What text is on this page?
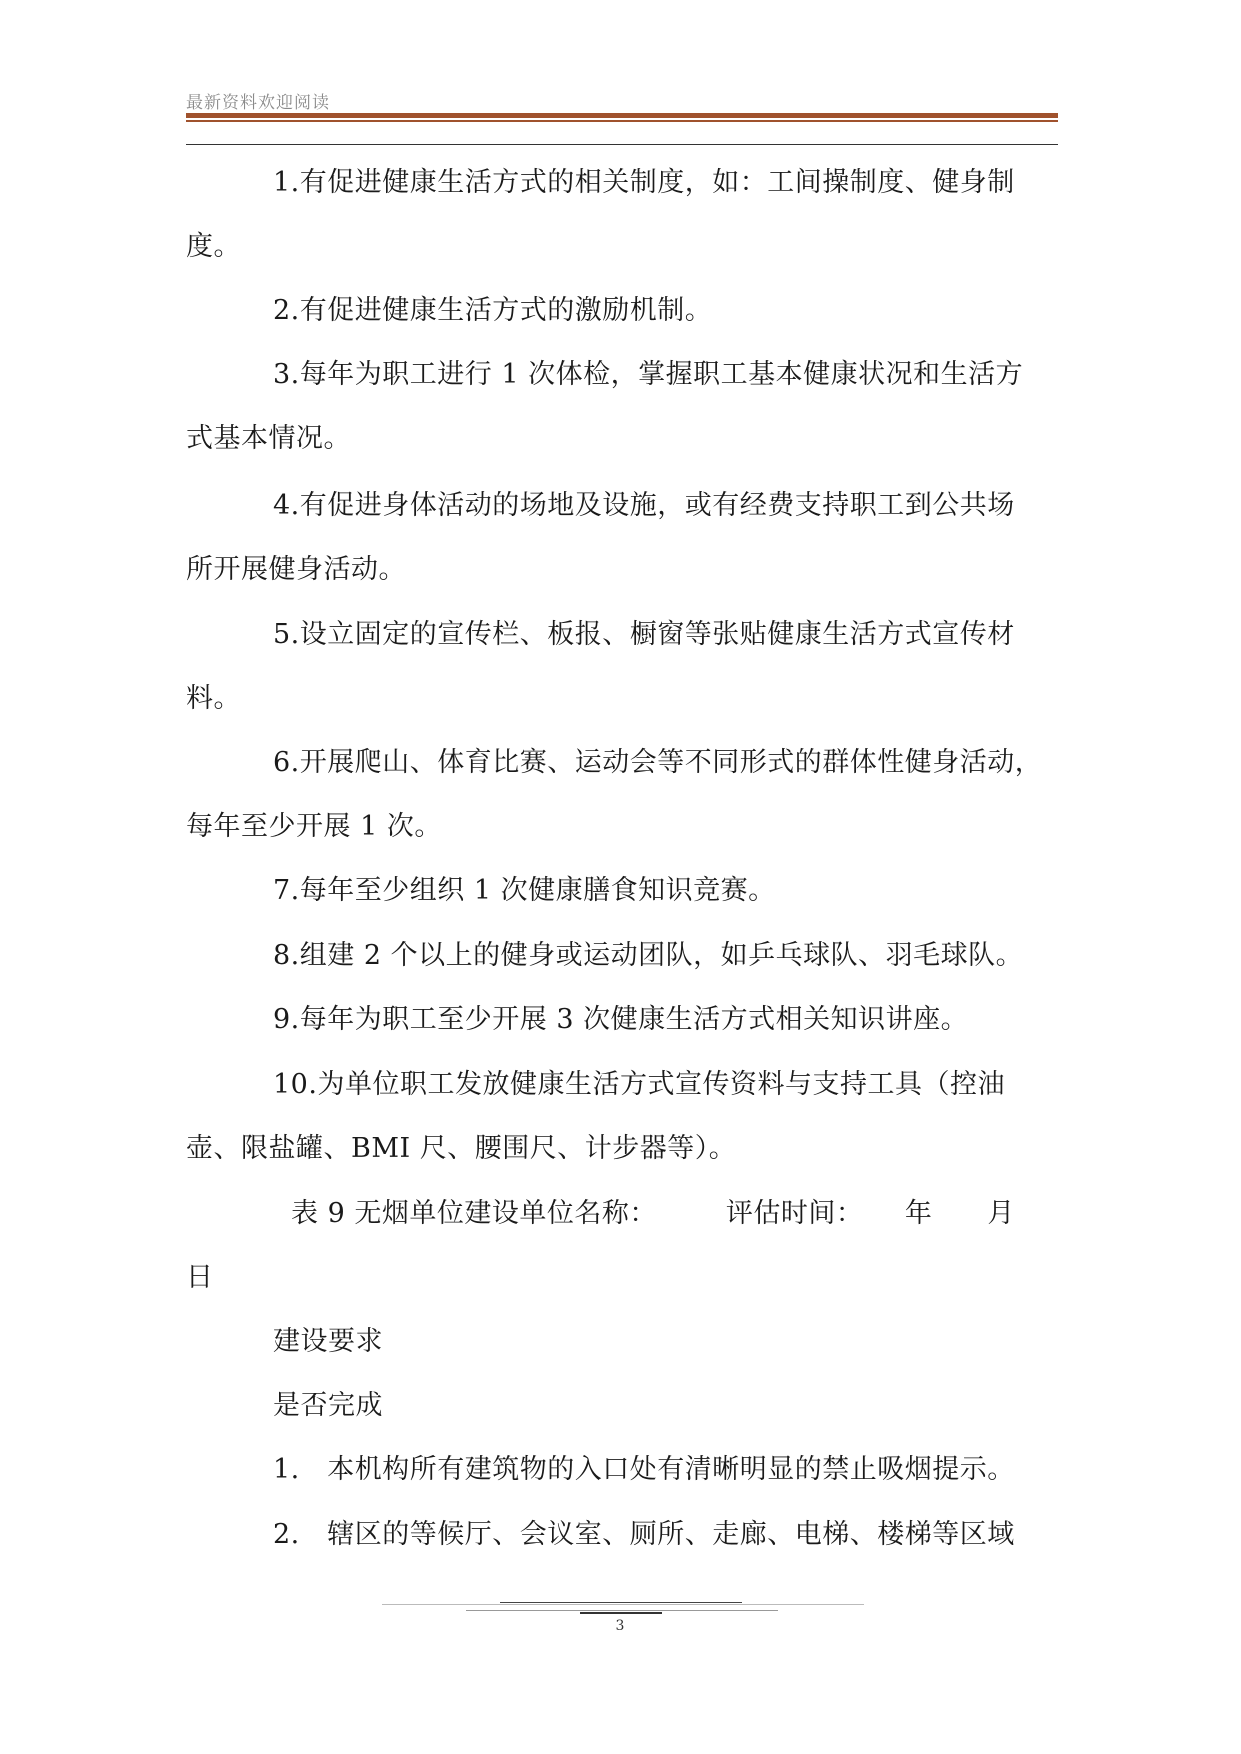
最新资料欢迎阅读
1.有促进健康生活方式的相关制度，如：工间操制度、健身制
度。
2.有促进健康生活方式的激励机制。
3.每年为职工进行 1 次体检，掌握职工基本健康状况和生活方
式基本情况。
4.有促进身体活动的场地及设施，或有经费支持职工到公共场
所开展健身活动。
5.设立固定的宣传栏、板报、橱窗等张贴健康生活方式宣传材
料。
6.开展爬山、体育比赛、运动会等不同形式的群体性健身活动，
每年至少开展 1 次。
7.每年至少组织 1 次健康膳食知识竞赛。
8.组建 2 个以上的健身或运动团队，如乒乓球队、羽毛球队。
9.每年为职工至少开展 3 次健康生活方式相关知识讲座。
10.为单位职工发放健康生活方式宣传资料与支持工具（控油
壶、限盐罐、BMI 尺、腰围尺、计步器等）。
表 9 无烟单位建设单位名称：　　　评估时间：　　年　　月
日
建设要求
是否完成
1.　本机构所有建筑物的入口处有清晰明显的禁止吸烟提示。
2.　辖区的等候厅、会议室、厕所、走廊、电梯、楼梯等区域
3
